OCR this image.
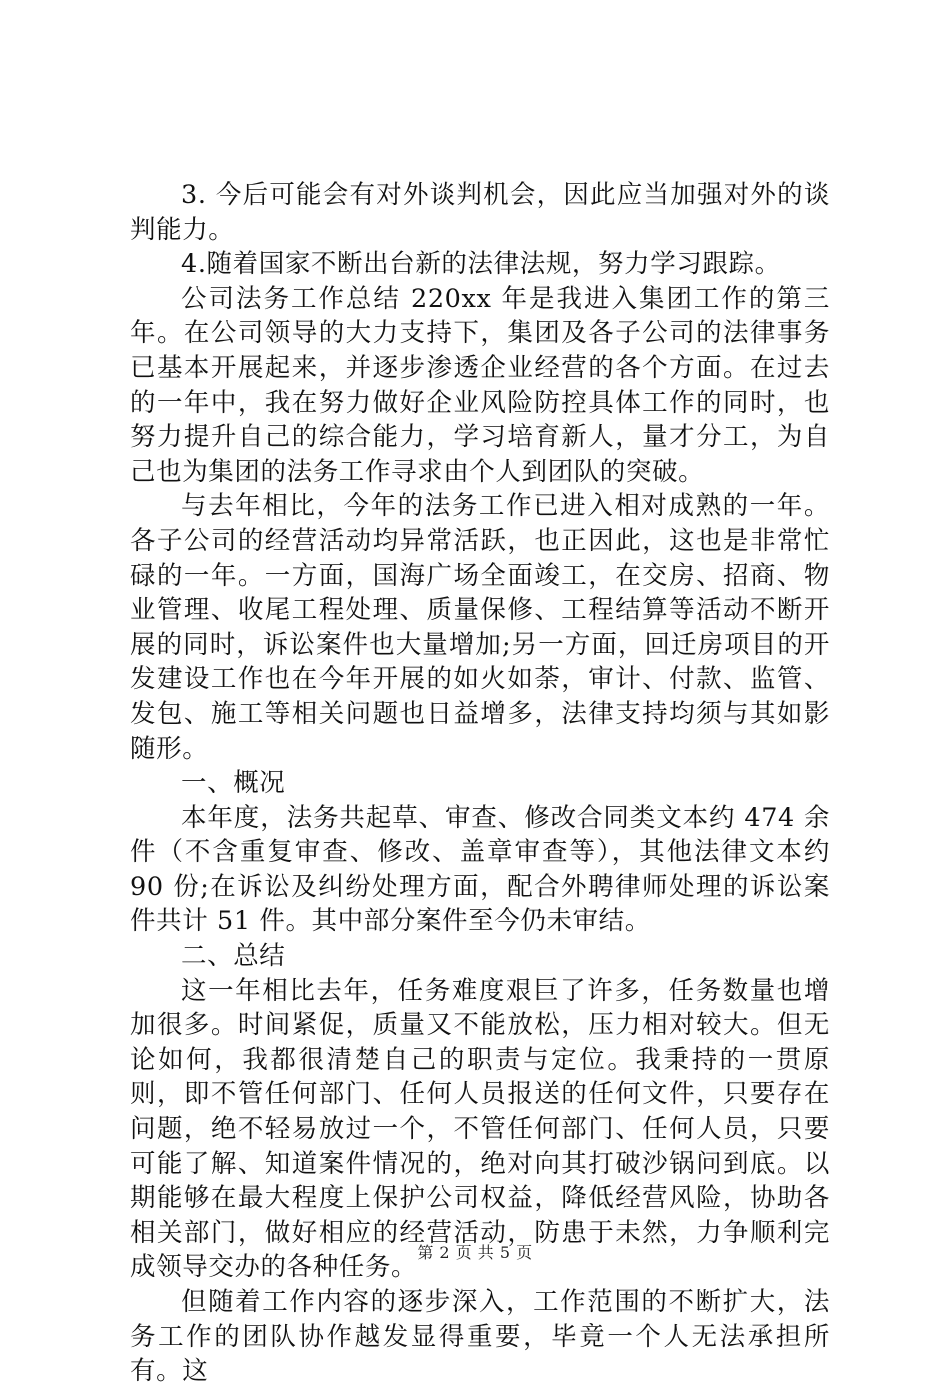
3. 今后可能会有对外谈判机会，因此应当加强对外的谈判能力。

4.随着国家不断出台新的法律法规，努力学习跟踪。

公司法务工作总结 220xx 年是我进入集团工作的第三年。在公司领导的大力支持下，集团及各子公司的法律事务已基本开展起来，并逐步渗透企业经营的各个方面。在过去的一年中，我在努力做好企业风险防控具体工作的同时，也努力提升自己的综合能力，学习培育新人，量才分工，为自己也为集团的法务工作寻求由个人到团队的突破。

与去年相比，今年的法务工作已进入相对成熟的一年。各子公司的经营活动均异常活跃，也正因此，这也是非常忙碌的一年。一方面，国海广场全面竣工，在交房、招商、物业管理、收尾工程处理、质量保修、工程结算等活动不断开展的同时，诉讼案件也大量增加;另一方面，回迁房项目的开发建设工作也在今年开展的如火如荼，审计、付款、监管、发包、施工等相关问题也日益增多，法律支持均须与其如影随形。

一、概况

本年度，法务共起草、审查、修改合同类文本约 474 余件（不含重复审查、修改、盖章审查等），其他法律文本约 90 份;在诉讼及纠纷处理方面，配合外聘律师处理的诉讼案件共计 51 件。其中部分案件至今仍未审结。

二、总结

这一年相比去年，任务难度艰巨了许多，任务数量也增加很多。时间紧促，质量又不能放松，压力相对较大。但无论如何，我都很清楚自己的职责与定位。我秉持的一贯原则，即不管任何部门、任何人员报送的任何文件，只要存在问题，绝不轻易放过一个，不管任何部门、任何人员，只要可能了解、知道案件情况的，绝对向其打破沙锅问到底。以期能够在最大程度上保护公司权益，降低经营风险，协助各相关部门，做好相应的经营活动，防患于未然，力争顺利完成领导交办的各种任务。

但随着工作内容的逐步深入，工作范围的不断扩大，法务工作的团队协作越发显得重要，毕竟一个人无法承担所有。这

第 2 页 共 5 页
